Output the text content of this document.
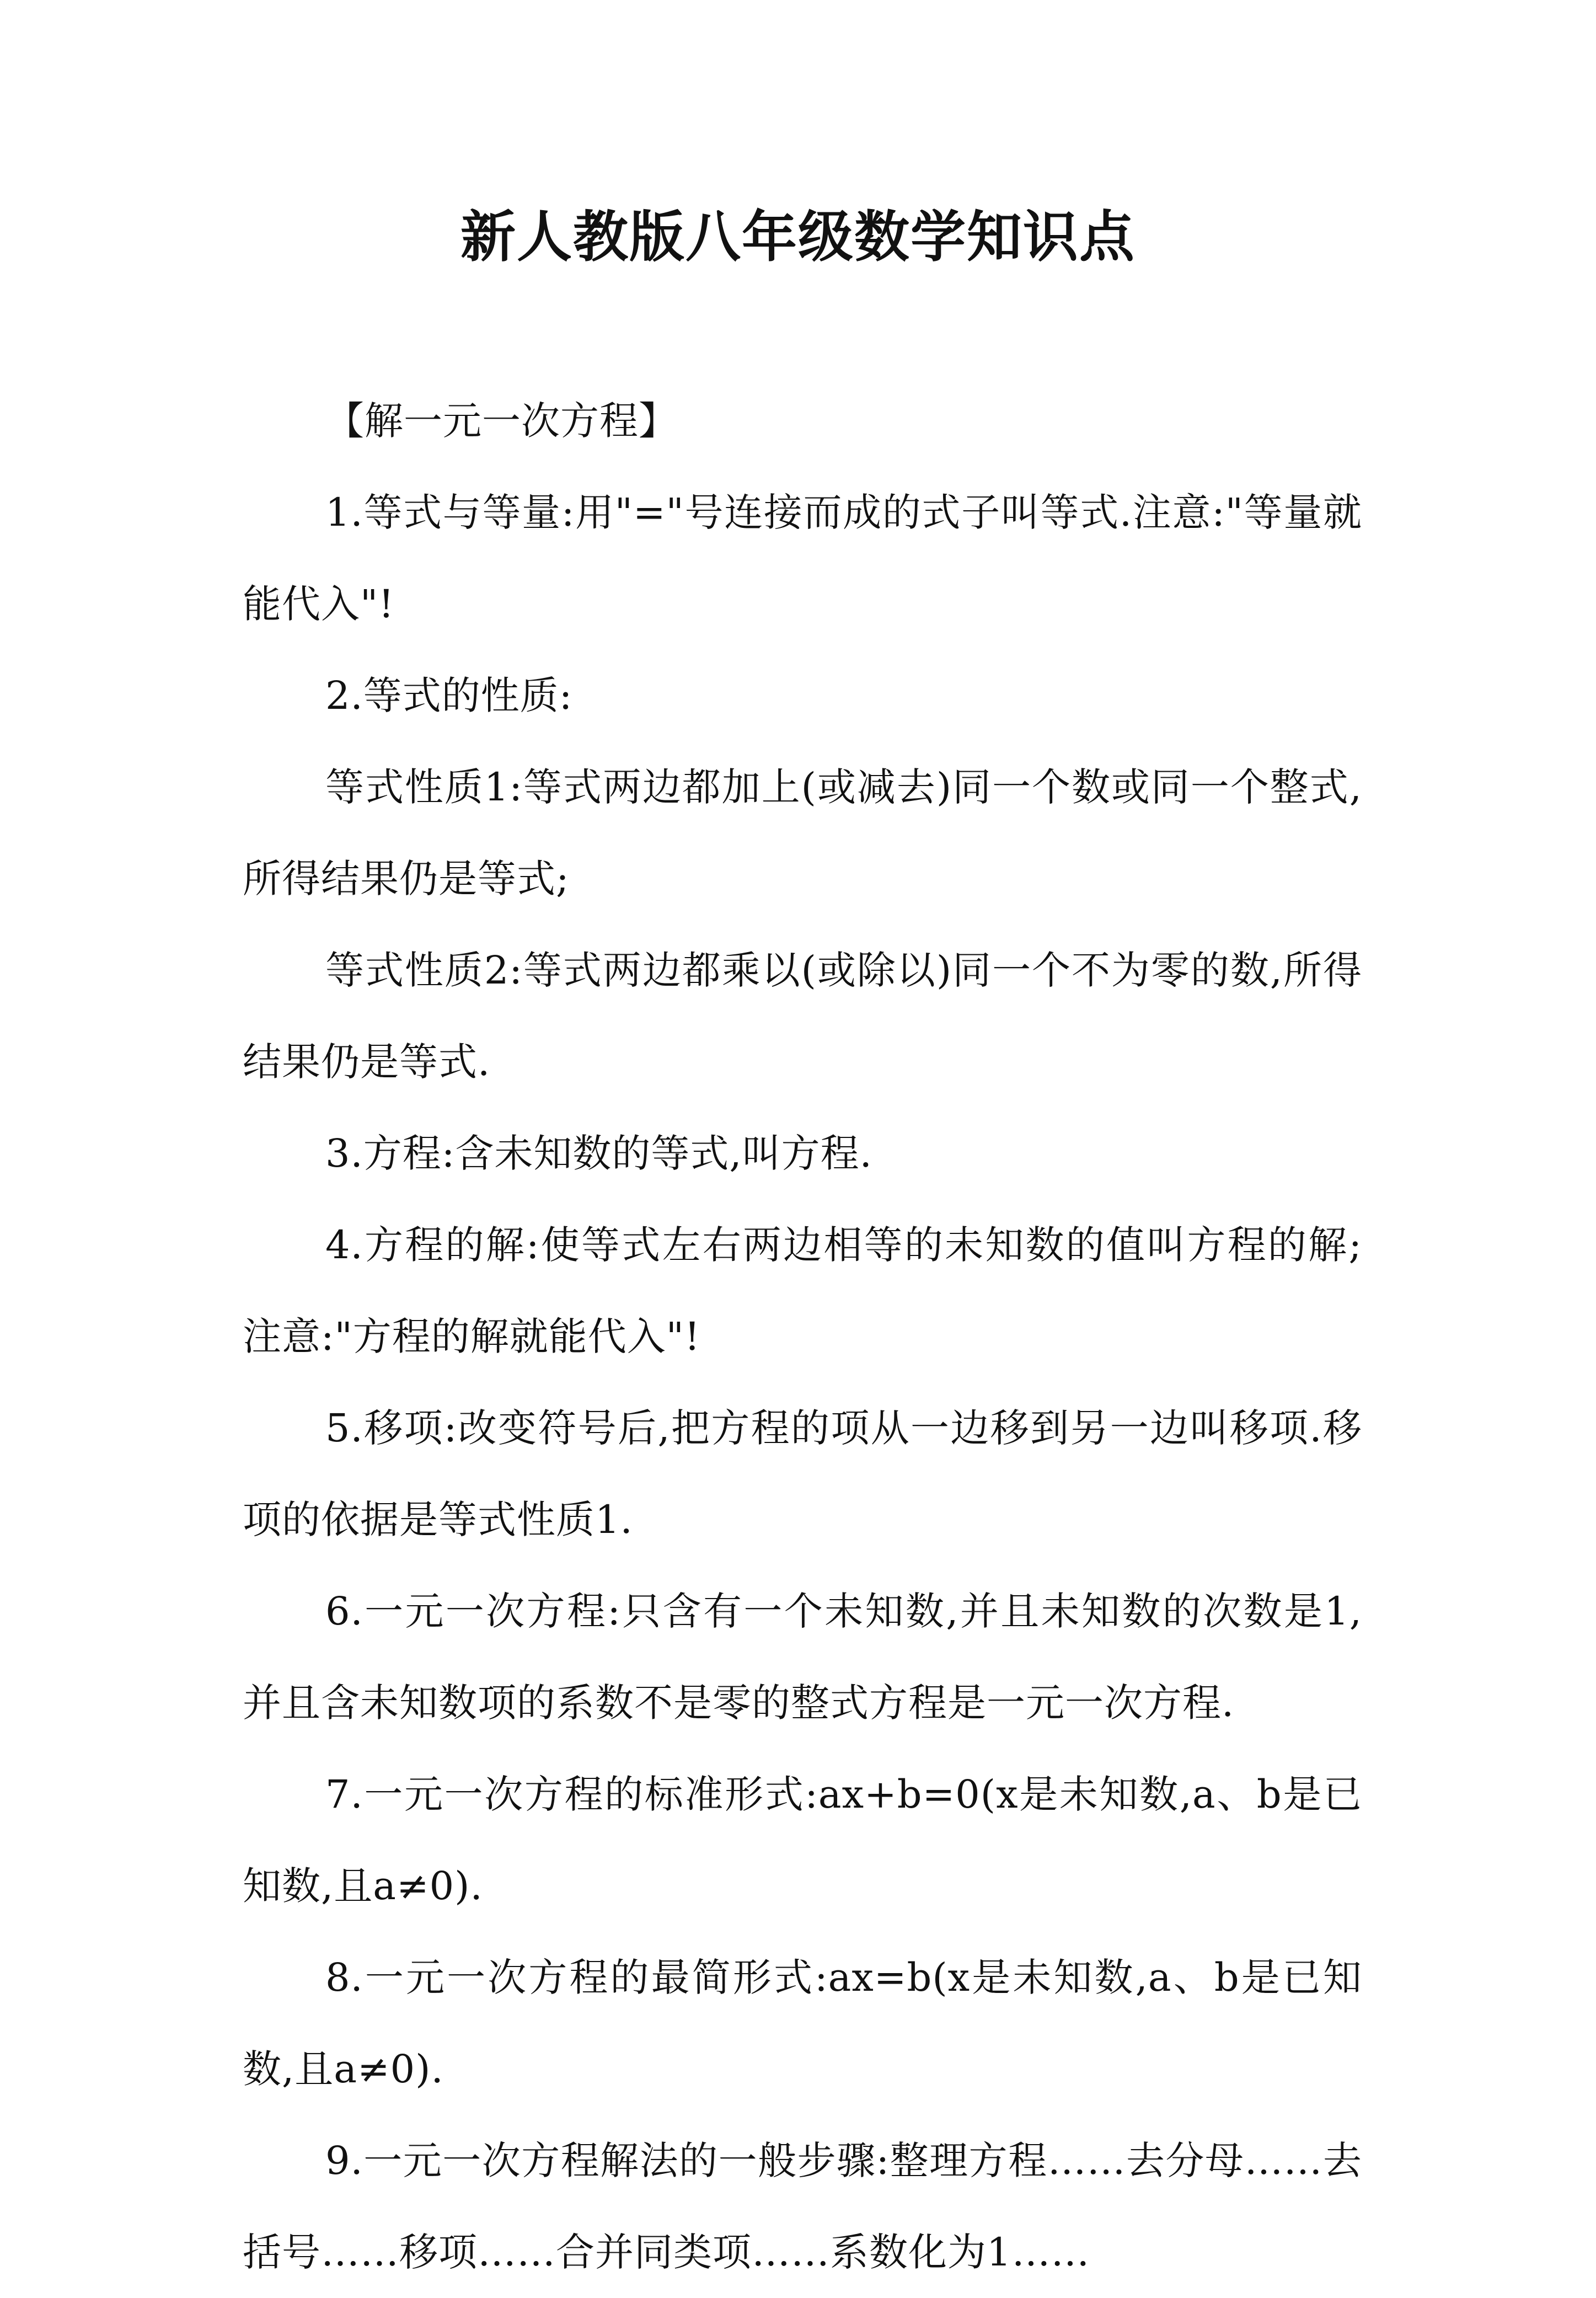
新人教版八年级数学知识点

【解一元一次方程】

1.等式与等量:用"="号连接而成的式子叫等式.注意:"等量就能代入"!

2.等式的性质:

等式性质1:等式两边都加上(或减去)同一个数或同一个整式,所得结果仍是等式;

等式性质2:等式两边都乘以(或除以)同一个不为零的数,所得结果仍是等式.

3.方程:含未知数的等式,叫方程.

4.方程的解:使等式左右两边相等的未知数的值叫方程的解;注意:"方程的解就能代入"!

5.移项:改变符号后,把方程的项从一边移到另一边叫移项.移项的依据是等式性质1.

6.一元一次方程:只含有一个未知数,并且未知数的次数是1,并且含未知数项的系数不是零的整式方程是一元一次方程.

7.一元一次方程的标准形式:ax+b=0(x是未知数,a、b是已知数,且a≠0).

8.一元一次方程的最简形式:ax=b(x是未知数,a、b是已知数,且a≠0).

9.一元一次方程解法的一般步骤:整理方程……去分母……去括号……移项……合并同类项……系数化为1……
